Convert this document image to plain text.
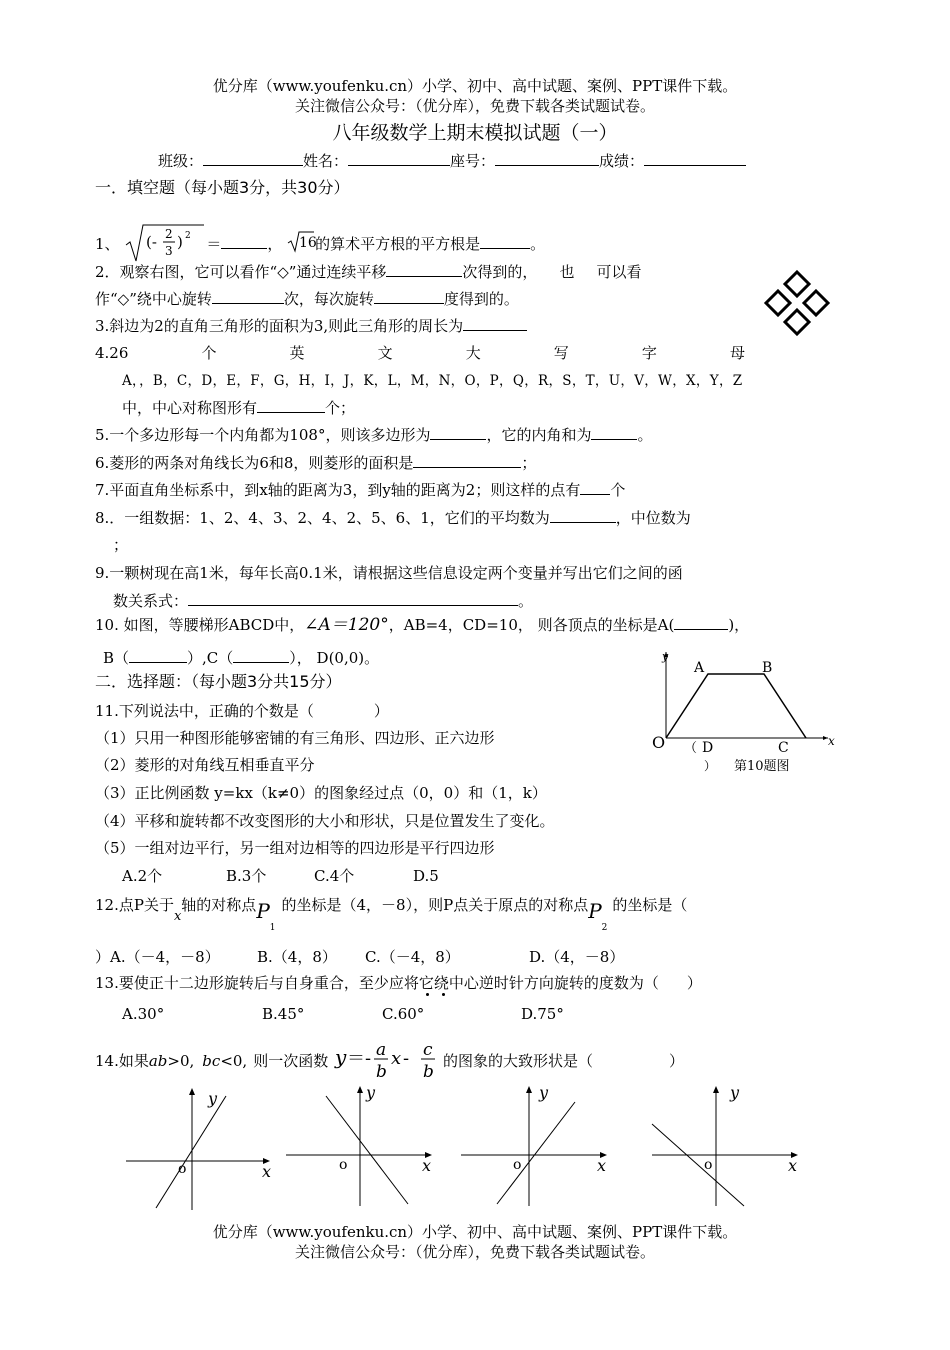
优分库（www.youfenku.cn）小学、初中、高中试题、案例、PPT课件下载。
关注微信公众号：（优分库），免费下载各类试题试卷。
八年级数学上期末模拟试题（一）
班级：	姓名：	座号：	成绩：
一．填空题（每小题3分，共30分）
1、 (- 2
3 ) 2 ＝	， 16
的算术平方根的平方根是	。
2．观察右图，它可以看作“◇”通过连续平移	次得到的， 也 可以看
作“◇”绕中心旋转	次，每次旋转	度得到的。
3.斜边为2的直角三角形的面积为3,则此三角形的周长为
4.26	个	英	文	大	写	字	母
A，，B，C，D，E，F，G，H，I，J，K，L，M，N，O，P，Q，R，S，T，U，V，W，X，Y，Z
中，中心对称图形有	个；
5.一个多边形每一个内角都为108°，则该多边形为	，它的内角和为	。
6.菱形的两条对角线长为6和8，则菱形的面积是	；
7.平面直角坐标系中，到x轴的距离为3，到y轴的距离为2；则这样的点有 个
8.．一组数据：1、2、4、3、2、4、2、5、6、1，它们的平均数为	，中位数为
；
9.一颗树现在高1米，每年长高0.1米，请根据这些信息设定两个变量并写出它们之间的函
数关系式：	。
10. 如图，等腰梯形ABCD中，∠A＝120°，AB=4，CD=10， 则各顶点的坐标是A(	)，
B（	）,C（	）， D(0,0)。
A	B
O （ D	C	x
y
） 第10题图
二．选择题：（每小题3分共15分）
11.下列说法中，正确的个数是（	）
（1）只用一种图形能够密铺的有三角形、四边形、正六边形
（2）菱形的对角线互相垂直平分
（3）正比例函数 y=kx（k≠0）的图象经过点（0，0）和（1，k）
（4）平移和旋转都不改变图形的大小和形状，只是位置发生了变化。
（5）一组对边平行，另一组对边相等的四边形是平行四边形
A.2个	B.3个	C.4个	D.5
12.点P关于x轴的对称点$P_1$的坐标是（4，－8），则P点关于原点的对称点$P_2$的坐标是（
）A.（－4，－8） B.（4，8） C.（－4，8）	D.（4，－8）
13.要使正十二边形旋转后与自身重合，至少应将它绕中心逆时针方向旋转的度数为（ ）
A.30°	B.45°	C.60°	D.75°
14.如果ab>0, bc<0, 则一次函数 y ＝- a
b
x - c
b
的图象的大致形状是（	）
y
o	x
y
o	x
y
o	x
y
o	x
优分库（www.youfenku.cn）小学、初中、高中试题、案例、PPT课件下载。
关注微信公众号：（优分库），免费下载各类试题试卷。
